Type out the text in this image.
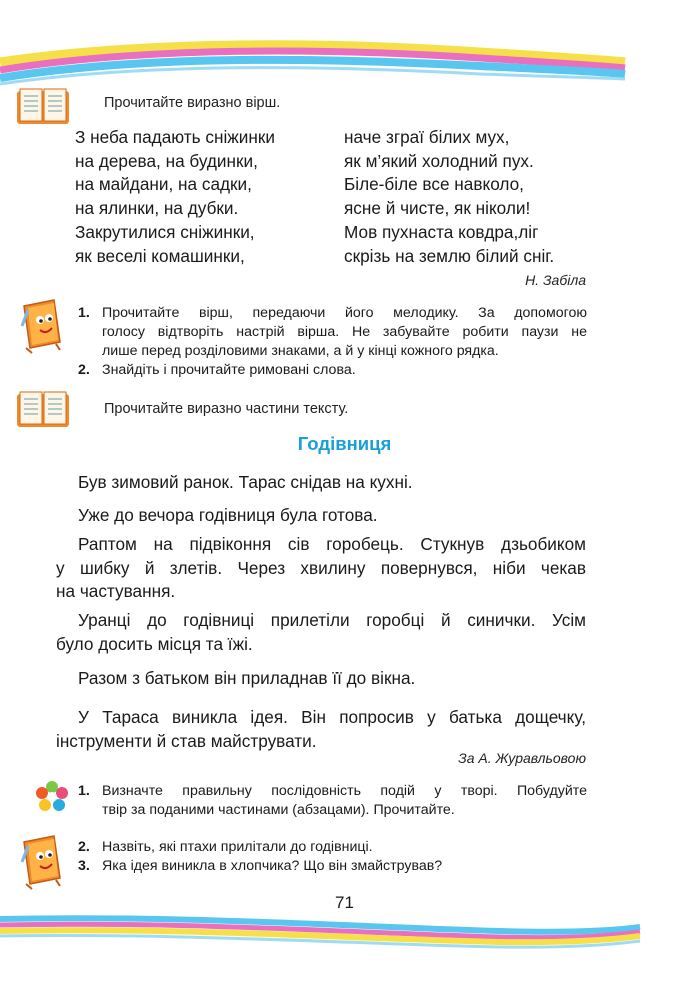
Прочитайте виразно вірш.
З неба падають сніжинки
на дерева, на будинки,
на майдани, на садки,
на ялинки, на дубки.
Закрутилися сніжинки,
як веселі комашинки,
наче зграї білих мух,
як м’який холодний пух.
Біле-біле все навколо,
ясне й чисте, як ніколи!
Мов пухнаста ковдра,ліг
скрізь на землю білий сніг.
Н. Забіла
1. Прочитайте вірш, передаючи його мелодику. За допомогою
голосу відтворіть настрій вірша. Не забувайте робити паузи не
лише перед розділовими знаками, а й у кінці кожного рядка.
2. Знайдіть і прочитайте римовані слова.
Прочитайте виразно частини тексту.
Годівниця
Був зимовий ранок. Тарас снідав на кухні.
Уже до вечора годівниця була готова.
Раптом на підвіконня сів горобець. Стукнув дзьобиком
у шибку й злетів. Через хвилину повернувся, ніби чекав
на частування.
Уранці до годівниці прилетіли горобці й синички. Усім
було досить місця та їжі.
Разом з батьком він приладнав її до вікна.
У Тараса виникла ідея. Він попросив у батька дощечку,
інструменти й став майструвати.
За А. Журавльовою
1. Визначте правильну послідовність подій у творі. Побудуйте
твір за поданими частинами (абзацами). Прочитайте.
2. Назвіть, які птахи прилітали до годівниці.
3. Яка ідея виникла в хлопчика? Що він змайстрував?
71
